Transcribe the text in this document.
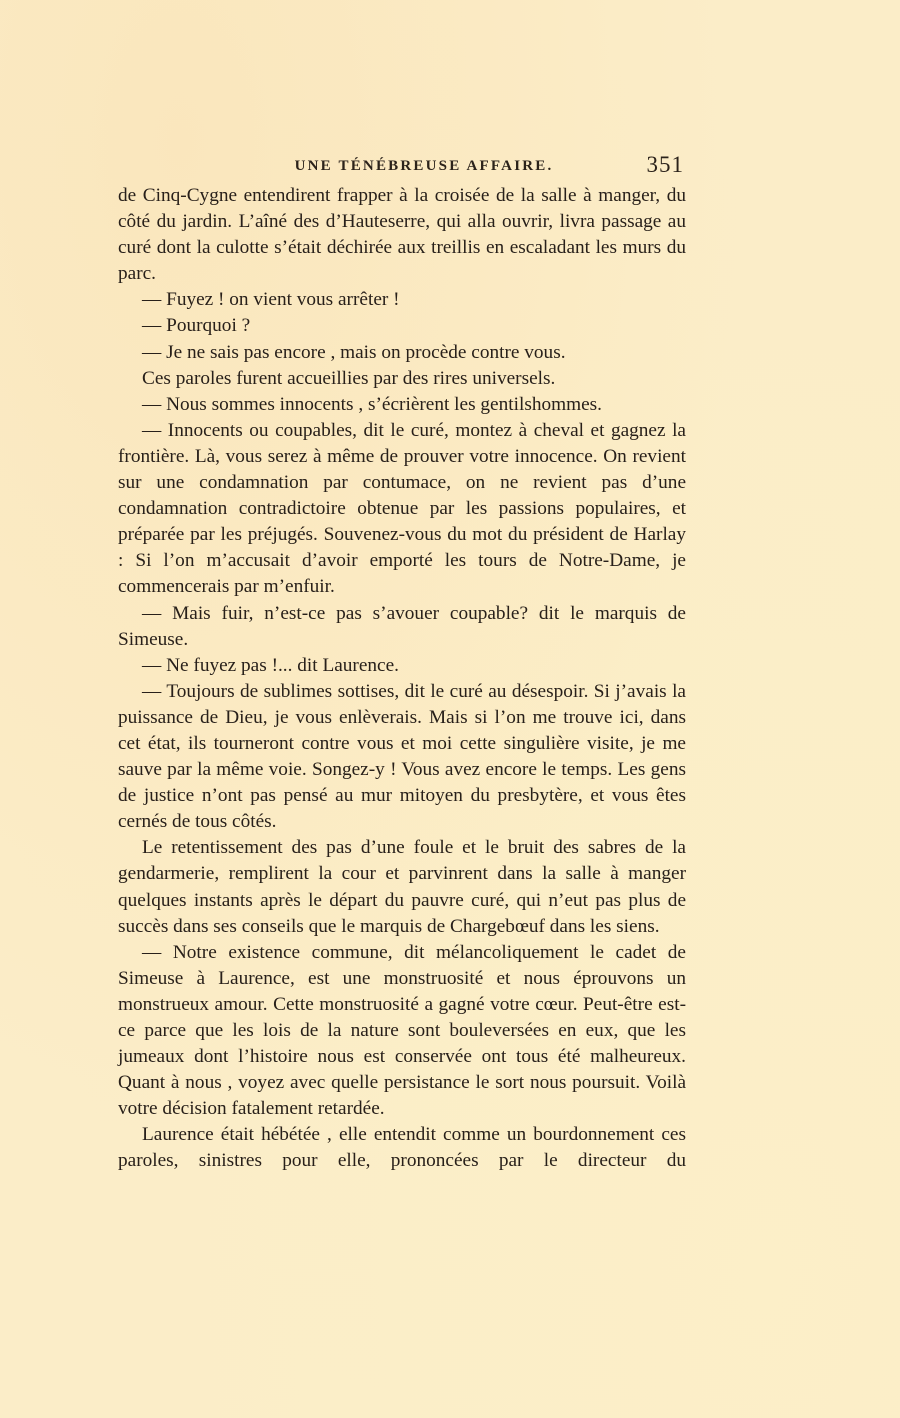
UNE TÉNÉBREUSE AFFAIRE.	351

de Cinq-Cygne entendirent frapper à la croisée de la salle à manger, du côté du jardin. L’aîné des d’Hauteserre, qui alla ouvrir, livra passage au curé dont la culotte s’était déchirée aux treillis en escaladant les murs du parc.

— Fuyez ! on vient vous arrêter !

— Pourquoi ?

— Je ne sais pas encore , mais on procède contre vous.

Ces paroles furent accueillies par des rires universels.

— Nous sommes innocents , s’écrièrent les gentilshommes.

— Innocents ou coupables, dit le curé, montez à cheval et gagnez la frontière. Là, vous serez à même de prouver votre innocence. On revient sur une condamnation par contumace, on ne revient pas d’une condamnation contradictoire obtenue par les passions populaires, et préparée par les préjugés. Souvenez-vous du mot du président de Harlay : Si l’on m’accusait d’avoir emporté les tours de Notre-Dame, je commencerais par m’enfuir.

— Mais fuir, n’est-ce pas s’avouer coupable? dit le marquis de Simeuse.

— Ne fuyez pas !... dit Laurence.

— Toujours de sublimes sottises, dit le curé au désespoir. Si j’avais la puissance de Dieu, je vous enlèverais. Mais si l’on me trouve ici, dans cet état, ils tourneront contre vous et moi cette singulière visite, je me sauve par la même voie. Songez-y ! Vous avez encore le temps. Les gens de justice n’ont pas pensé au mur mitoyen du presbytère, et vous êtes cernés de tous côtés.

Le retentissement des pas d’une foule et le bruit des sabres de la gendarmerie, remplirent la cour et parvinrent dans la salle à manger quelques instants après le départ du pauvre curé, qui n’eut pas plus de succès dans ses conseils que le marquis de Chargebœuf dans les siens.

— Notre existence commune, dit mélancoliquement le cadet de Simeuse à Laurence, est une monstruosité et nous éprouvons un monstrueux amour. Cette monstruosité a gagné votre cœur. Peut-être est-ce parce que les lois de la nature sont bouleversées en eux, que les jumeaux dont l’histoire nous est conservée ont tous été malheureux. Quant à nous , voyez avec quelle persistance le sort nous poursuit. Voilà votre décision fatalement retardée.

Laurence était hébétée , elle entendit comme un bourdonnement ces paroles, sinistres pour elle, prononcées par le directeur du
